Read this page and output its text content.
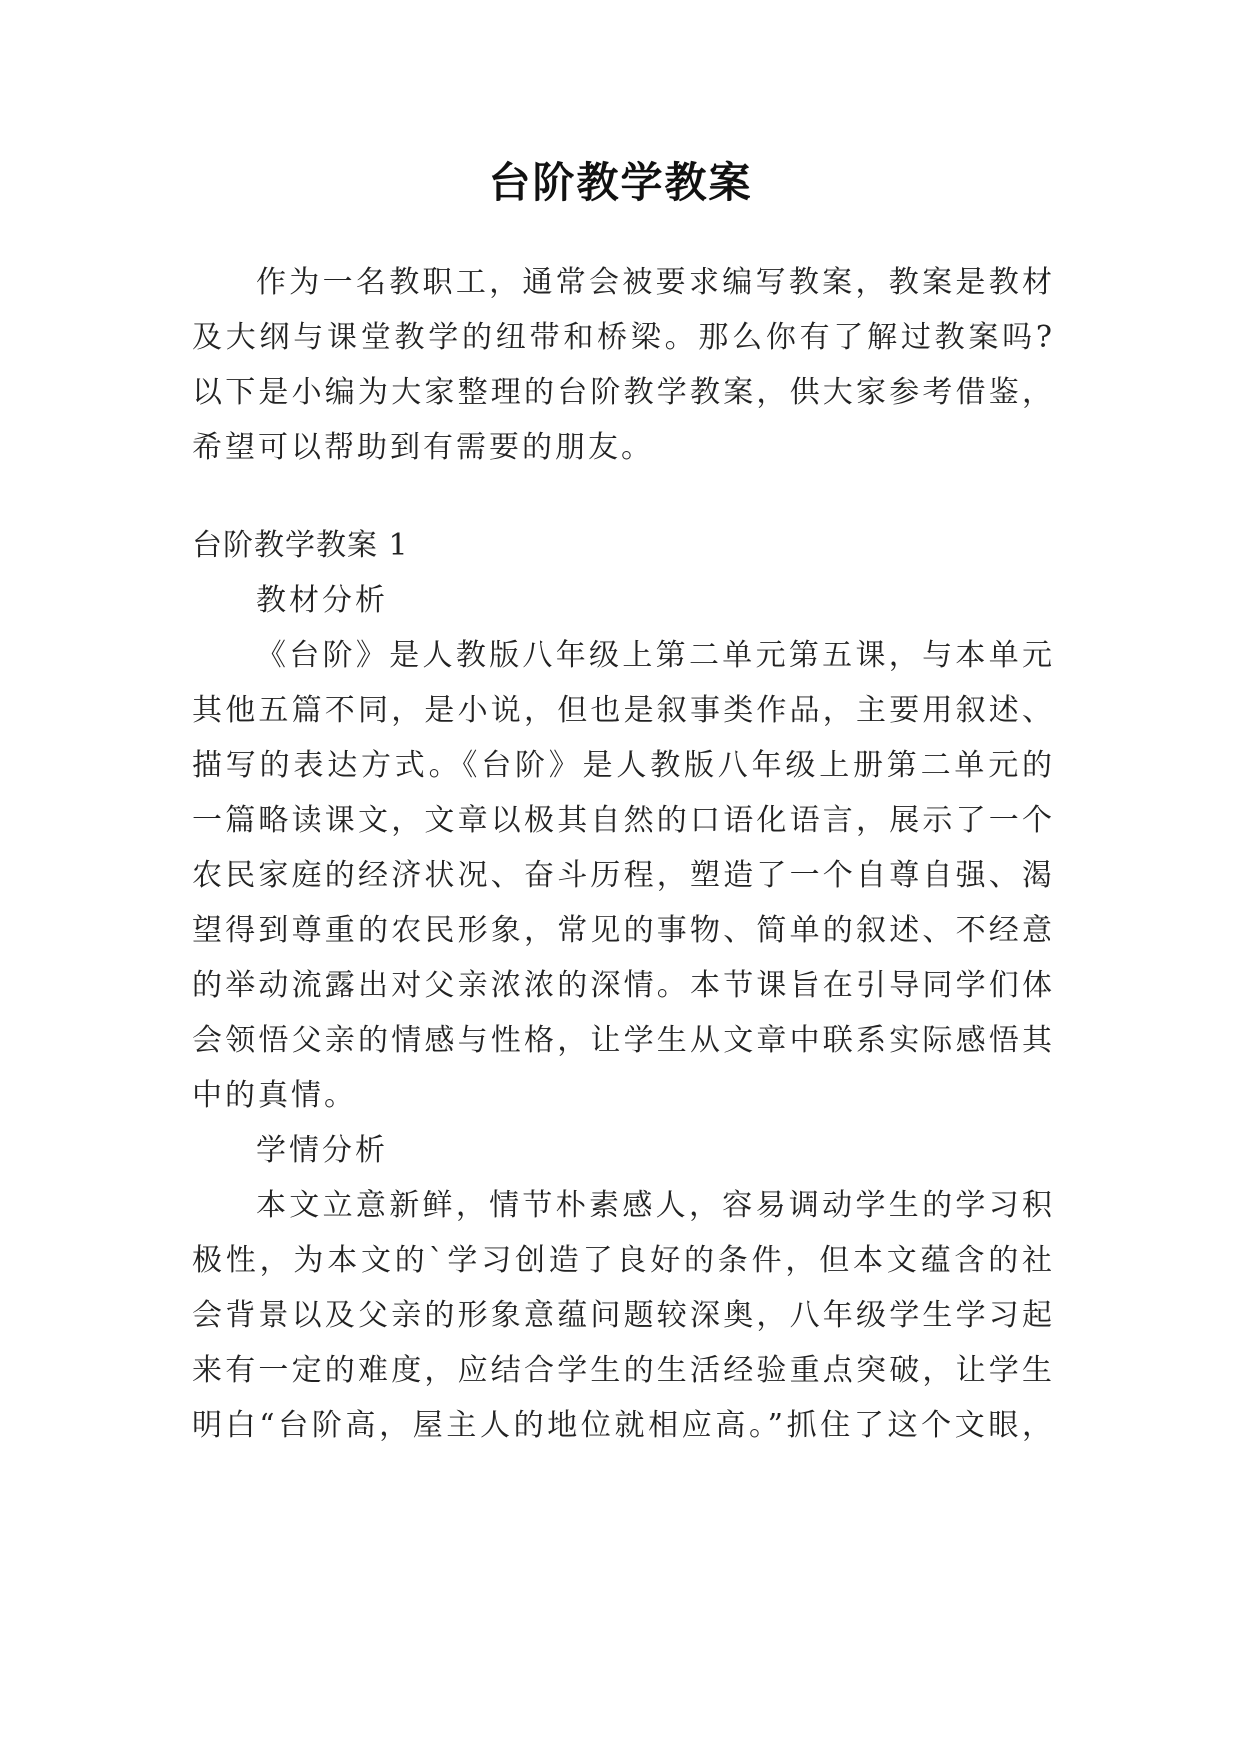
台阶教学教案

作为一名教职工，通常会被要求编写教案，教案是教材

及大纲与课堂教学的纽带和桥梁。那么你有了解过教案吗?

以下是小编为大家整理的台阶教学教案，供大家参考借鉴，

希望可以帮助到有需要的朋友。

台阶教学教案 1

教材分析

《台阶》是人教版八年级上第二单元第五课，与本单元

其他五篇不同，是小说，但也是叙事类作品，主要用叙述、

描写的表达方式。《台阶》是人教版八年级上册第二单元的

一篇略读课文，文章以极其自然的口语化语言，展示了一个

农民家庭的经济状况、奋斗历程，塑造了一个自尊自强、渴

望得到尊重的农民形象，常见的事物、简单的叙述、不经意

的举动流露出对父亲浓浓的深情。本节课旨在引导同学们体

会领悟父亲的情感与性格，让学生从文章中联系实际感悟其

中的真情。

学情分析

本文立意新鲜，情节朴素感人，容易调动学生的学习积

极性，为本文的`学习创造了良好的条件，但本文蕴含的社

会背景以及父亲的形象意蕴问题较深奥，八年级学生学习起

来有一定的难度，应结合学生的生活经验重点突破，让学生

明白“台阶高，屋主人的地位就相应高。”抓住了这个文眼，
